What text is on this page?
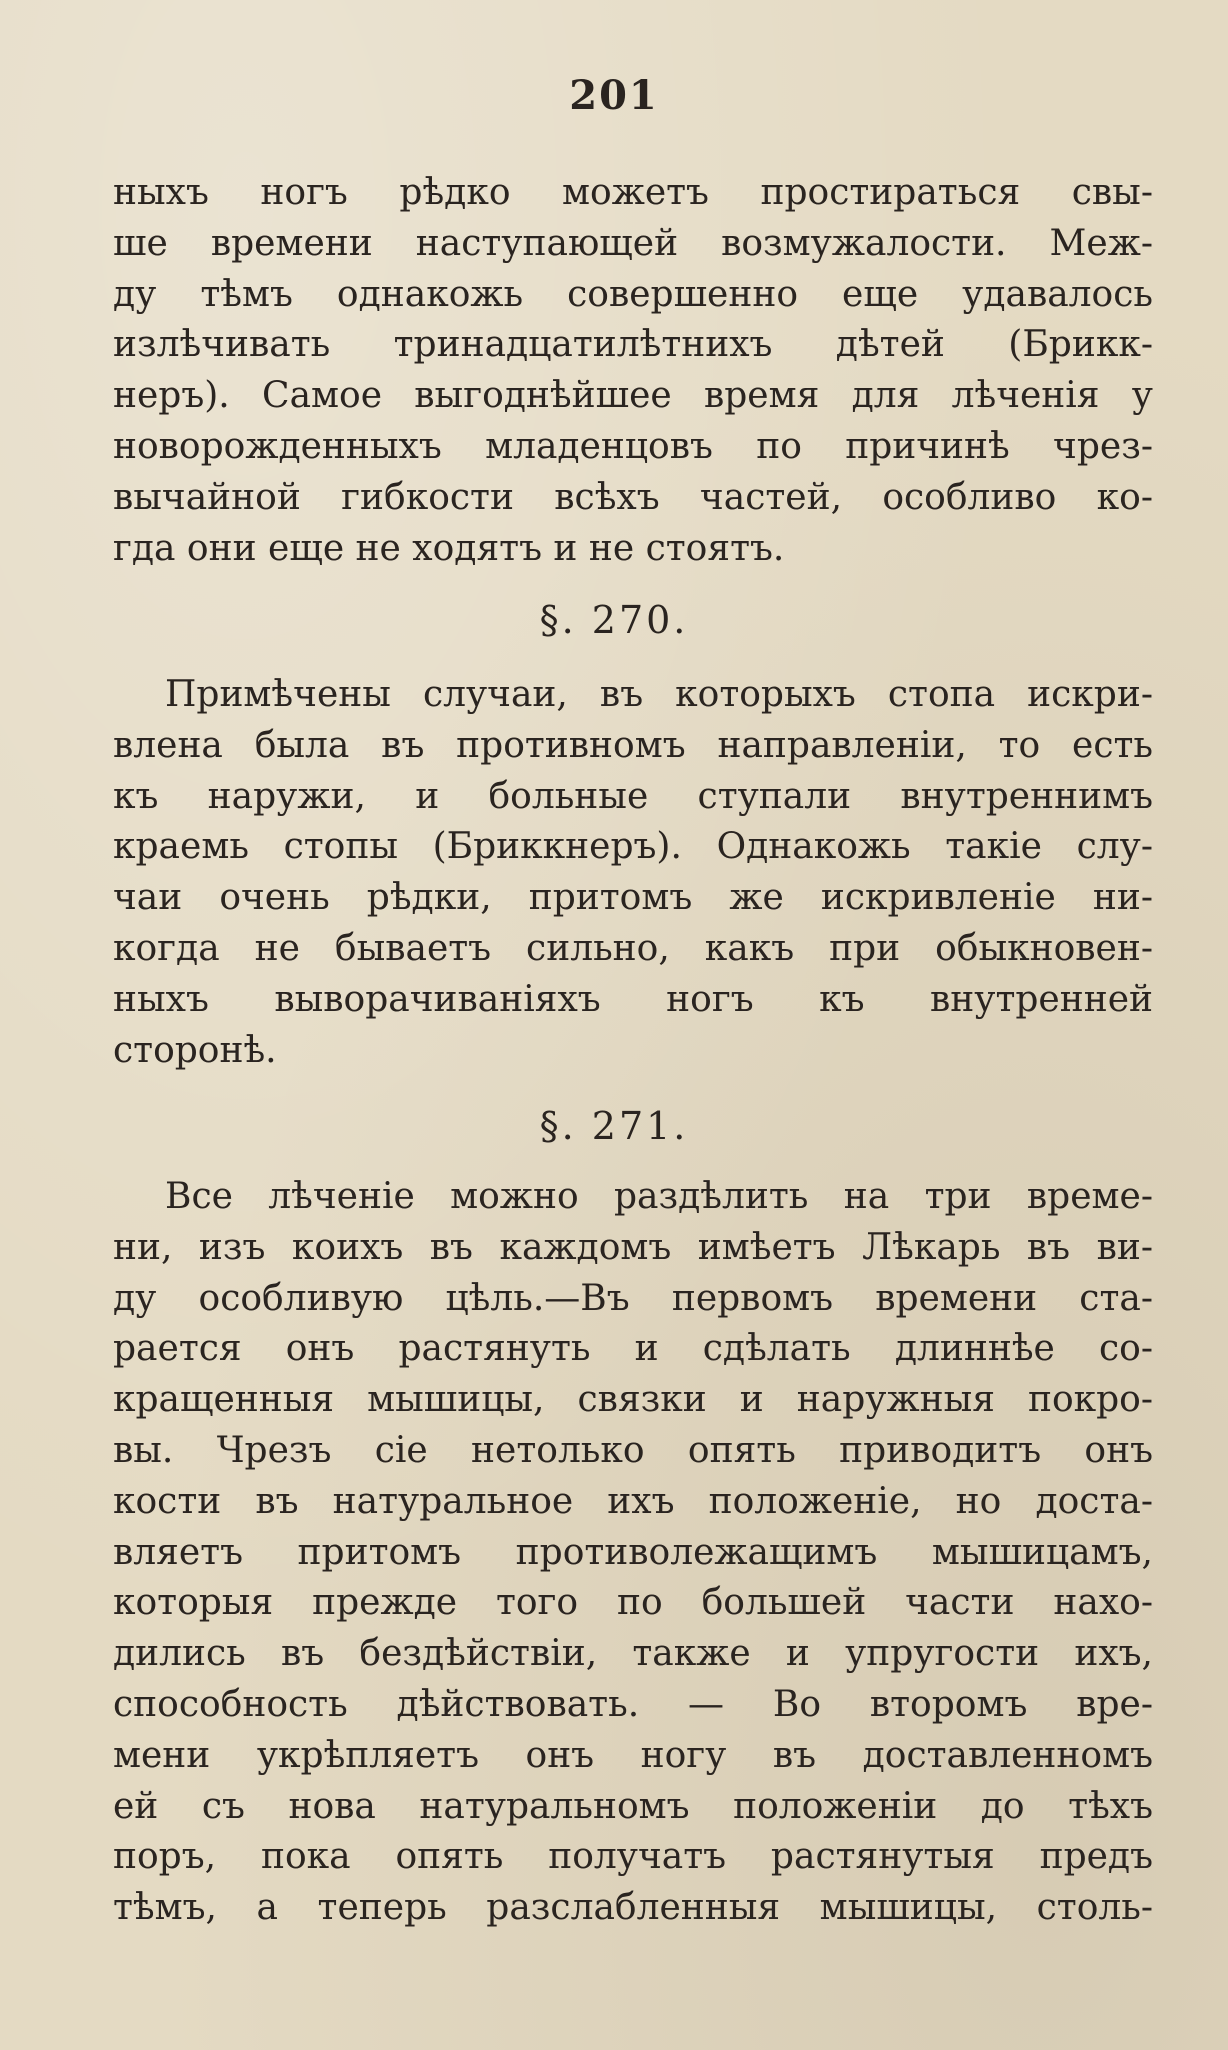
201
ныхъ ногъ рѣдко можетъ простираться свы-
ше времени наступающей возмужалости. Меж-
ду тѣмъ однакожь совершенно еще удавалось
излѣчивать тринадцатилѣтнихъ дѣтей (Брикк-
неръ). Самое выгоднѣйшее время для лѣченія у
новорожденныхъ младенцовъ по причинѣ чрез-
вычайной гибкости всѣхъ частей, особливо ко-
гда они еще не ходятъ и не стоятъ.
§. 270.
Примѣчены случаи, въ которыхъ стопа искри-
влена была въ противномъ направленіи, то есть
къ наружи, и больные ступали внутреннимъ
краемь стопы (Бриккнеръ). Однакожь такіе слу-
чаи очень рѣдки, притомъ же искривленіе ни-
когда не бываетъ сильно, какъ при обыкновен-
ныхъ выворачиваніяхъ ногъ къ внутренней
сторонѣ.
§. 271.
Все лѣченіе можно раздѣлить на три време-
ни, изъ коихъ въ каждомъ имѣетъ Лѣкарь въ ви-
ду особливую цѣль.—Въ первомъ времени ста-
рается онъ растянуть и сдѣлать длиннѣе со-
кращенныя мышицы, связки и наружныя покро-
вы. Чрезъ сіе нетолько опять приводитъ онъ
кости въ натуральное ихъ положеніе, но доста-
вляетъ притомъ противолежащимъ мышицамъ,
которыя прежде того по большей части нахо-
дились въ бездѣйствіи, также и упругости ихъ,
способность дѣйствовать. — Во второмъ вре-
мени укрѣпляетъ онъ ногу въ доставленномъ
ей съ нова натуральномъ положеніи до тѣхъ
поръ, пока опять получатъ растянутыя предъ
тѣмъ, а теперь разслабленныя мышицы, столь-
